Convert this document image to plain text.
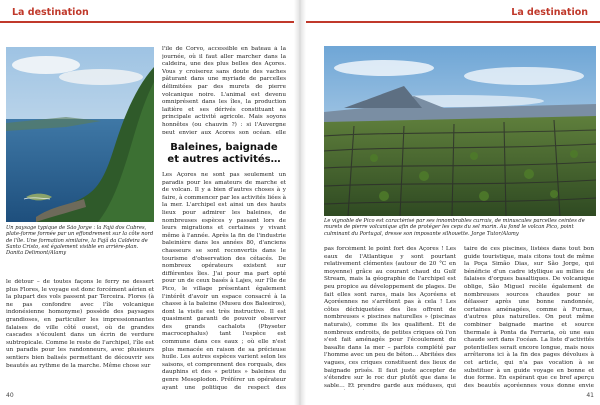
La destination
Un paysage typique de São Jorge : la Fajã dos Cubres, plate-forme formée par un effondrement sur la côte nord de l'île. Une formation similaire, la Fajã da Caldeira de Santo Cristo, est également visible en arrière-plan. Danita Delimont/Alamy

le détour – de toutes façons le ferry ne dessert plus Flores, le voyage est donc forcément aérien et la plupart des vols passent par Terceira. Flores (à ne pas confondre avec l'île volcanique indonésienne homonyme) possède des paysages grandioses, en particulier les impressionnantes falaises de ville côté ouest, où de grandes cascades s'écoulent dans un écrin de verdure subtropicale. Comme le reste de l'archipel, l'île est un paradis pour les randonneurs, avec plusieurs sentiers bien balisés permettant de découvrir ses beautés au rythme de la marche. Même chose sur

l'île de Corvo, accessible en bateau à la journée, où il faut aller marcher dans la caldeira, une des plus belles des Açores. Vous y croiserez sans doute des vaches pâturant dans une myriade de parcelles délimitées par des murets de pierre volcanique noire. L'animal est devenu omniprésent dans les îles, la production laitière et ses dérivés constituant sa principale activité agricole. Mais soyons honnêtes (ou chauvin ?) : si l'Auvergne peut envier aux Açores son océan, elle

Baleines, baignade
et autres activités…

Les Açores ne sont pas seulement un paradis pour les amateurs de marche et de volcan. Il y a bien d'autres choses à y faire, à commencer par les activités liées à la mer. L'archipel est ainsi un des hauts lieux pour admirer les baleines, de nombreuses espèces y passant lors de leurs migrations et certaines y vivant même à l'année. Après la fin de l'industrie baleinière dans les années 80, d'anciens chasseurs se sont reconvertis dans le tourisme d'observation des cétacés. De nombreux opérateurs existent sur différentes îles. J'ai pour ma part opté pour un de ceux basés à Lajes, sur l'île de Pico, le village présentant également l'intérêt d'avoir un espace consacré à la chasse à la baleine (Museu dos Baleeiros), dont la visite est très instructive. Il est quasiment garanti de pouvoir observer des grands cachalots (Physeter macrocephalus) tant l'espèce est commune dans ces eaux ; où elle n'est plus menacée en raison de sa précieuse huile. Les autres espèces varient selon les saisons, et comprennent des rorquals, des dauphins et des « petites » baleines du genre Mesoplodon. Préférer un opérateur ayant une politique de respect des

40
La destination
Le vignoble de Pico est caractérisé par ses innombrables currais, de minuscules parcelles ceintes de murets de pierre volcanique afin de protéger les ceps du sel marin. Au fond le volcan Pico, point culminant du Portugal, dresse son imposante silhouette. Jorge Tutor/Alamy

pas forcément le point fort des Açores ! Les eaux de l'Atlantique y sont pourtant relativement clémentes (autour de 20 °C en moyenne) grâce au courant chaud du Gulf Stream, mais la géographie de l'archipel est peu propice au développement de plages. De fait elles sont rares, mais les Açoréens et Açoréennes ne s'arrêtent pas à cela ! Les côtes déchiquetées des îles offrent de nombreuses « piscines naturelles » (piscinas naturais), comme ils les qualifient. Et de nombreux endroits, de petites criques où l'on s'est fait aménagés pour l'écoulement du basalte dans la mer – parfois complété par l'homme avec un peu de béton… Abritées des vagues, ces criques constituent des lieux de baignade prisés. Il faut juste accepter de s'étendre sur le roc dur plutôt que dans le sable… Et prendre garde aux méduses, qui

taire de ces piscines, listées dans tout bon guide touristique, mais citons tout de même la Poça Simão Dias, sur São Jorge, qui bénéficie d'un cadre idyllique au milieu de falaises d'orgues basaltiques. De volcanique oblige, São Miguel recèle également de nombreuses sources chaudes pour se délasser après une bonne randonnée, certaines aménagées, comme à Furnas, d'autres plus naturelles. On peut même combiner baignade marine et source thermale à Ponta da Ferraria, où une eau chaude sort dans l'océan. La liste d'activités potentielles serait encore longue, mais nous arrêterons ici à la fin des pages dévolues à cet article, qui n'a pas vocation à se substituer à un guide voyage en bonne et due forme. En espérant que ce bref aperçu des beautés açoréennes vous donne envie

41
